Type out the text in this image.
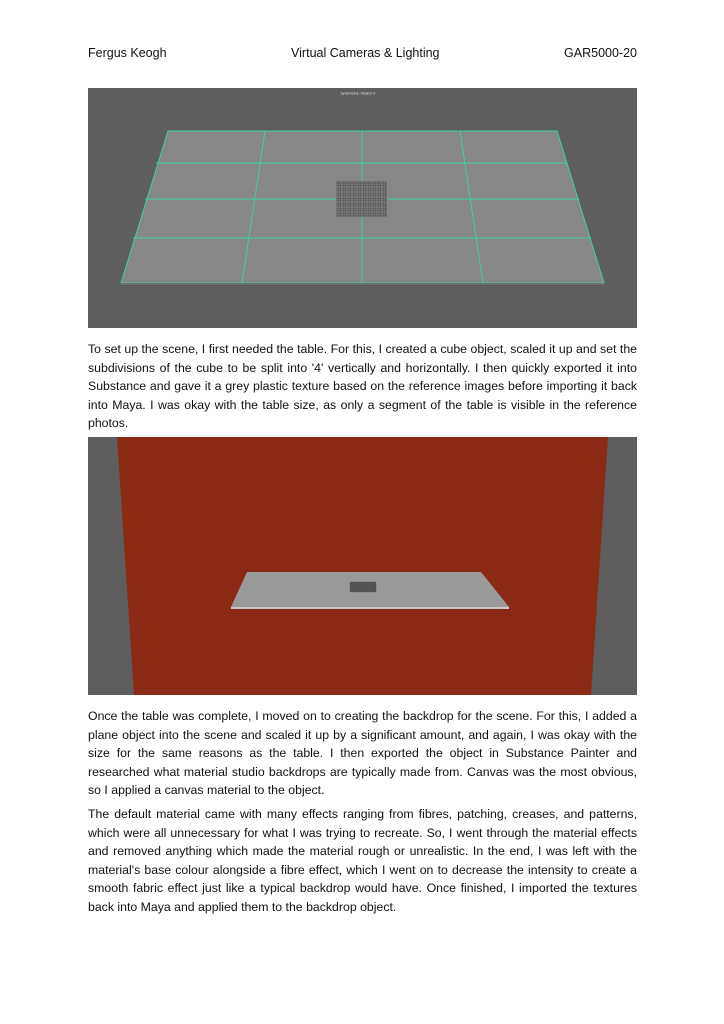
Fergus Keogh	Virtual Cameras & Lighting	GAR5000-20
Symmetry: Object X

To set up the scene, I first needed the table. For this, I created a cube object, scaled it up and set the subdivisions of the cube to be split into '4' vertically and horizontally. I then quickly exported it into Substance and gave it a grey plastic texture based on the reference images before importing it back into Maya. I was okay with the table size, as only a segment of the table is visible in the reference photos.

Once the table was complete, I moved on to creating the backdrop for the scene. For this, I added a plane object into the scene and scaled it up by a significant amount, and again, I was okay with the size for the same reasons as the table. I then exported the object in Substance Painter and researched what material studio backdrops are typically made from. Canvas was the most obvious, so I applied a canvas material to the object.

The default material came with many effects ranging from fibres, patching, creases, and patterns, which were all unnecessary for what I was trying to recreate. So, I went through the material effects and removed anything which made the material rough or unrealistic. In the end, I was left with the material's base colour alongside a fibre effect, which I went on to decrease the intensity to create a smooth fabric effect just like a typical backdrop would have. Once finished, I imported the textures back into Maya and applied them to the backdrop object.
